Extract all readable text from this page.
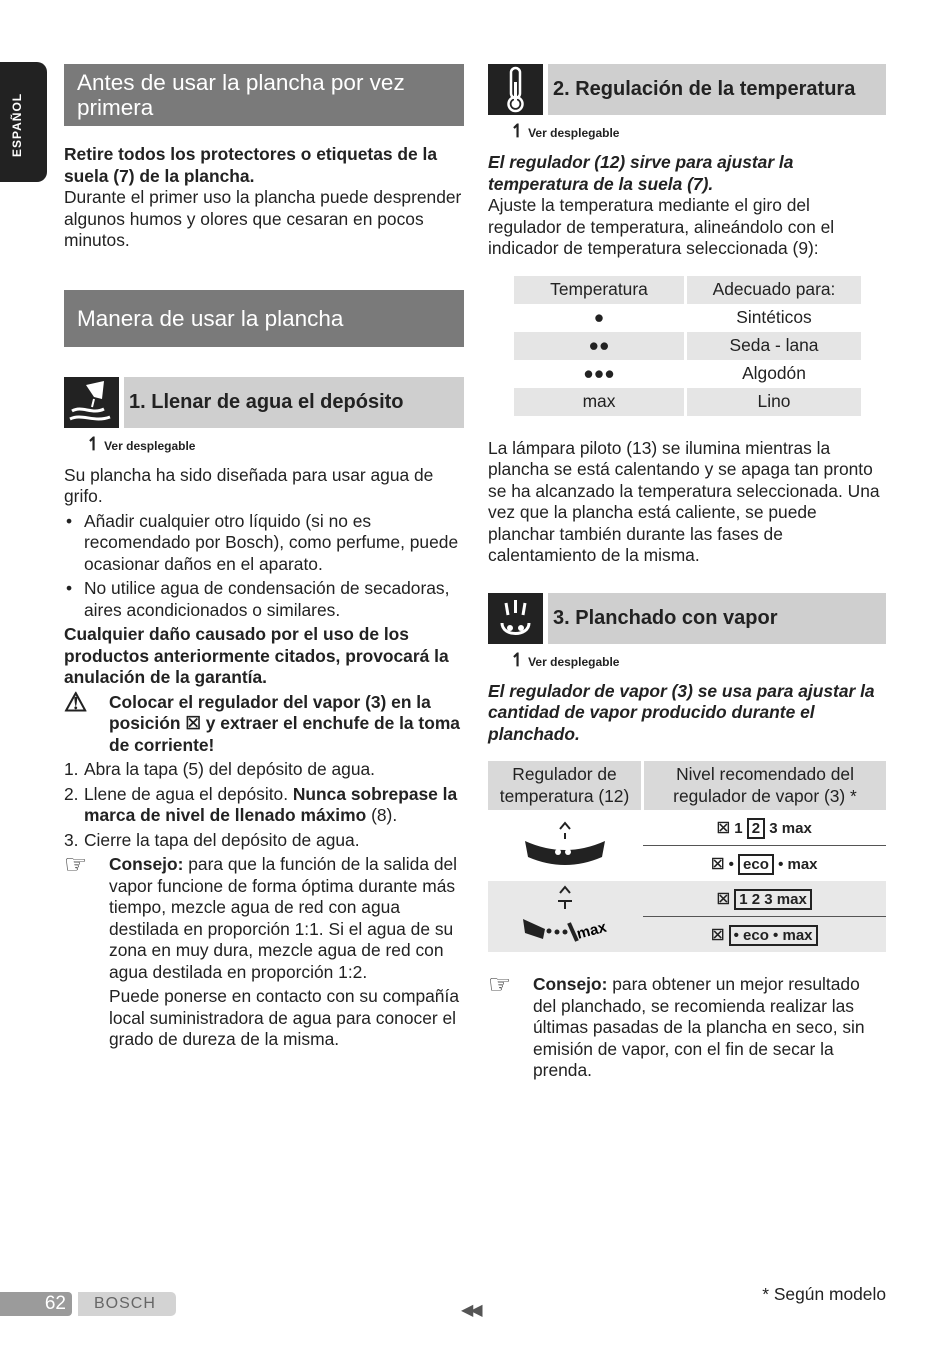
ESPAÑOL
Antes de usar la plancha por vez primera

Retire todos los protectores o etiquetas de la suela (7) de la plancha.

Durante el primer uso la plancha puede desprender algunos humos y olores que cesaran en pocos minutos.

Manera de usar la plancha
1. Llenar de agua el depósito
↿ Ver desplegable

Su plancha ha sido diseñada para usar agua de grifo.

• Añadir cualquier otro líquido (si no es recomendado por Bosch), como perfume, puede ocasionar daños en el aparato.
• No utilice agua de condensación de secadoras, aires acondicionados o similares.

Cualquier daño causado por el uso de los productos anteriormente citados, provocará la anulación de la garantía.

⚠ Colocar el regulador del vapor (3) en la posición ☒ y extraer el enchufe de la toma de corriente!
1. Abra la tapa (5) del depósito de agua.
2. Llene de agua el depósito. Nunca sobrepase la marca de nivel de llenado máximo (8).
3. Cierre la tapa del depósito de agua.
☞ Consejo: para que la función de la salida del vapor funcione de forma óptima durante más tiempo, mezcle agua de red con agua destilada en proporción 1:1. Si el agua de su zona en muy dura, mezcle agua de red con agua destilada en proporción 1:2.

Puede ponerse en contacto con su compañía local suministradora de agua para conocer el grado de dureza de la misma.

2. Regulación de la temperatura
↿ Ver desplegable

El regulador (12) sirve para ajustar la temperatura de la suela (7).

Ajuste la temperatura mediante el giro del regulador de temperatura, alineándolo con el indicador de temperatura seleccionada (9):

Temperatura	Adecuado para:
●	Sintéticos
●●	Seda - lana
●●●	Algodón
max	Lino

La lámpara piloto (13) se ilumina mientras la plancha se está calentando y se apaga tan pronto se ha alcanzado la temperatura seleccionada. Una vez que la plancha está caliente, se puede planchar también durante las fases de calentamiento de la misma.

3. Planchado con vapor
↿ Ver desplegable

El regulador de vapor (3) se usa para ajustar la cantidad de vapor producido durante el planchado.

Regulador de temperatura (12)	Nivel recomendado del regulador de vapor (3) *
	☒ 1 2 3 max
	☒ • eco • max

max	☒ 1 2 3 max
	☒ • eco • max
☞ Consejo: para obtener un mejor resultado del planchado, se recomienda realizar las últimas pasadas de la plancha en seco, sin emisión de vapor, con el fin de secar la prenda.
62	BOSCH	◀◀
* Según modelo
